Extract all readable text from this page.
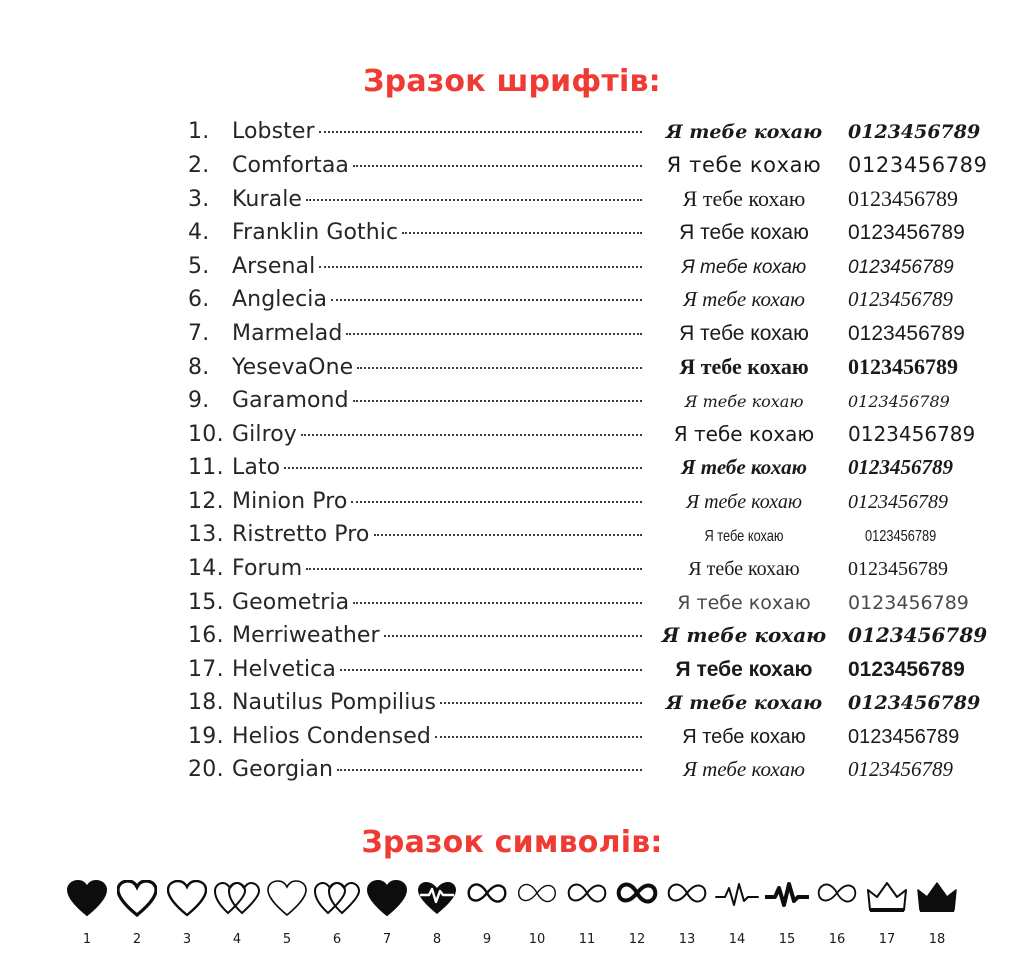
Зразок шрифтів:
1.	Lobster	Я тебе кохаю	0123456789
2.	Comfortaa	Я тебе кохаю	0123456789
3.	Kurale	Я тебе кохаю	0123456789
4.	Franklin Gothic	Я тебе кохаю	0123456789
5.	Arsenal	Я тебе кохаю	0123456789
6.	Anglecia	Я тебе кохаю	0123456789
7.	Marmelad	Я тебе кохаю	0123456789
8.	YesevaOne	Я тебе кохаю	0123456789
9.	Garamond	Я тебе кохаю	0123456789
10. Gilroy	Я тебе кохаю	0123456789
11. Lato	Я тебе кохаю	0123456789
12. Minion Pro	Я тебе кохаю	0123456789
13. Ristretto Pro	Я тебе кохаю	0123456789
14. Forum	Я тебе кохаю	0123456789
15. Geometria	Я тебе кохаю	0123456789
16. Merriweather	Я тебе кохаю	0123456789
17. Helvetica	Я тебе кохаю	0123456789
18. Nautilus Pompilius	Я тебе кохаю	0123456789
19. Helios Condensed	Я тебе кохаю	0123456789
20. Georgian	Я тебе кохаю	0123456789
Зразок символів:
1	2	3	4	5	6	7	8	9	10	11	12	13	14	15	16	17	18
